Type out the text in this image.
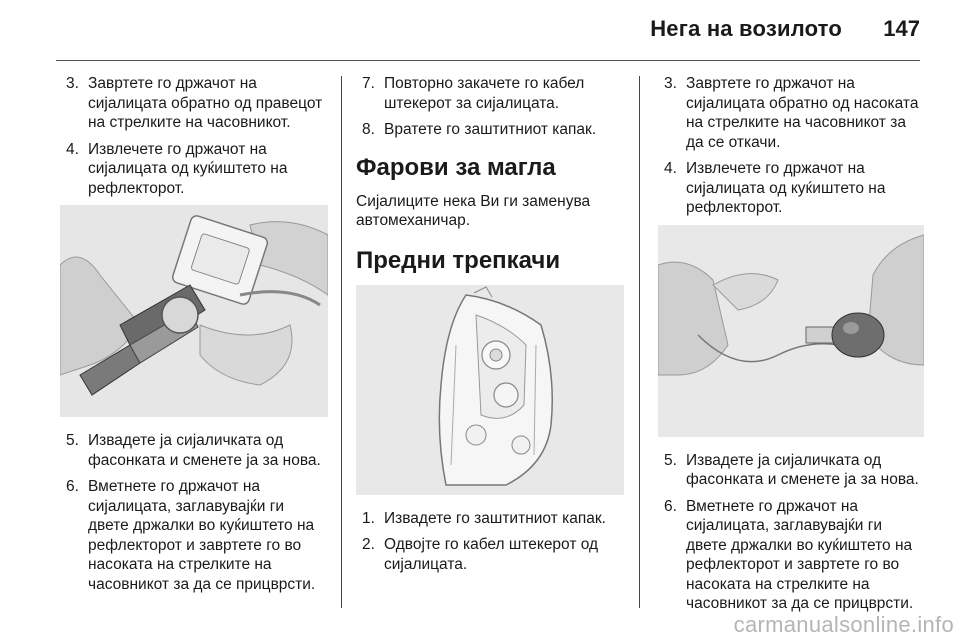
Нега на возилото 147
3. Завртете го држачот на сијалицата обратно од правецот на стрелките на часовникот.
4. Извлечете го држачот на сијалицата од куќиштето на рефлекторот.
5. Извадете ја сијаличката од фасонката и сменете ја за нова.
6. Вметнете го држачот на сијалицата, заглавувајќи ги двете држалки во куќиштето на рефлекторот и завртете го во насоката на стрелките на часовникот за да се прицврсти.
7. Повторно закачете го кабел штекерот за сијалицата.
8. Вратете го заштитниот капак.
Фарови за магла

Сијалиците нека Ви ги заменува автомеханичар.

Предни трепкачи
1. Извадете го заштитниот капак.
2. Одвојте го кабел штекерот од сијалицата.
3. Завртете го држачот на сијалицата обратно од насоката на стрелките на часовникот за да се откачи.
4. Извлечете го држачот на сијалицата од куќиштето на рефлекторот.
5. Извадете ја сијаличката од фасонката и сменете ја за нова.
6. Вметнете го држачот на сијалицата, заглавувајќи ги двете држалки во куќиштето на рефлекторот и завртете го во насоката на стрелките на часовникот за да се прицврсти.
carmanualsonline.info
